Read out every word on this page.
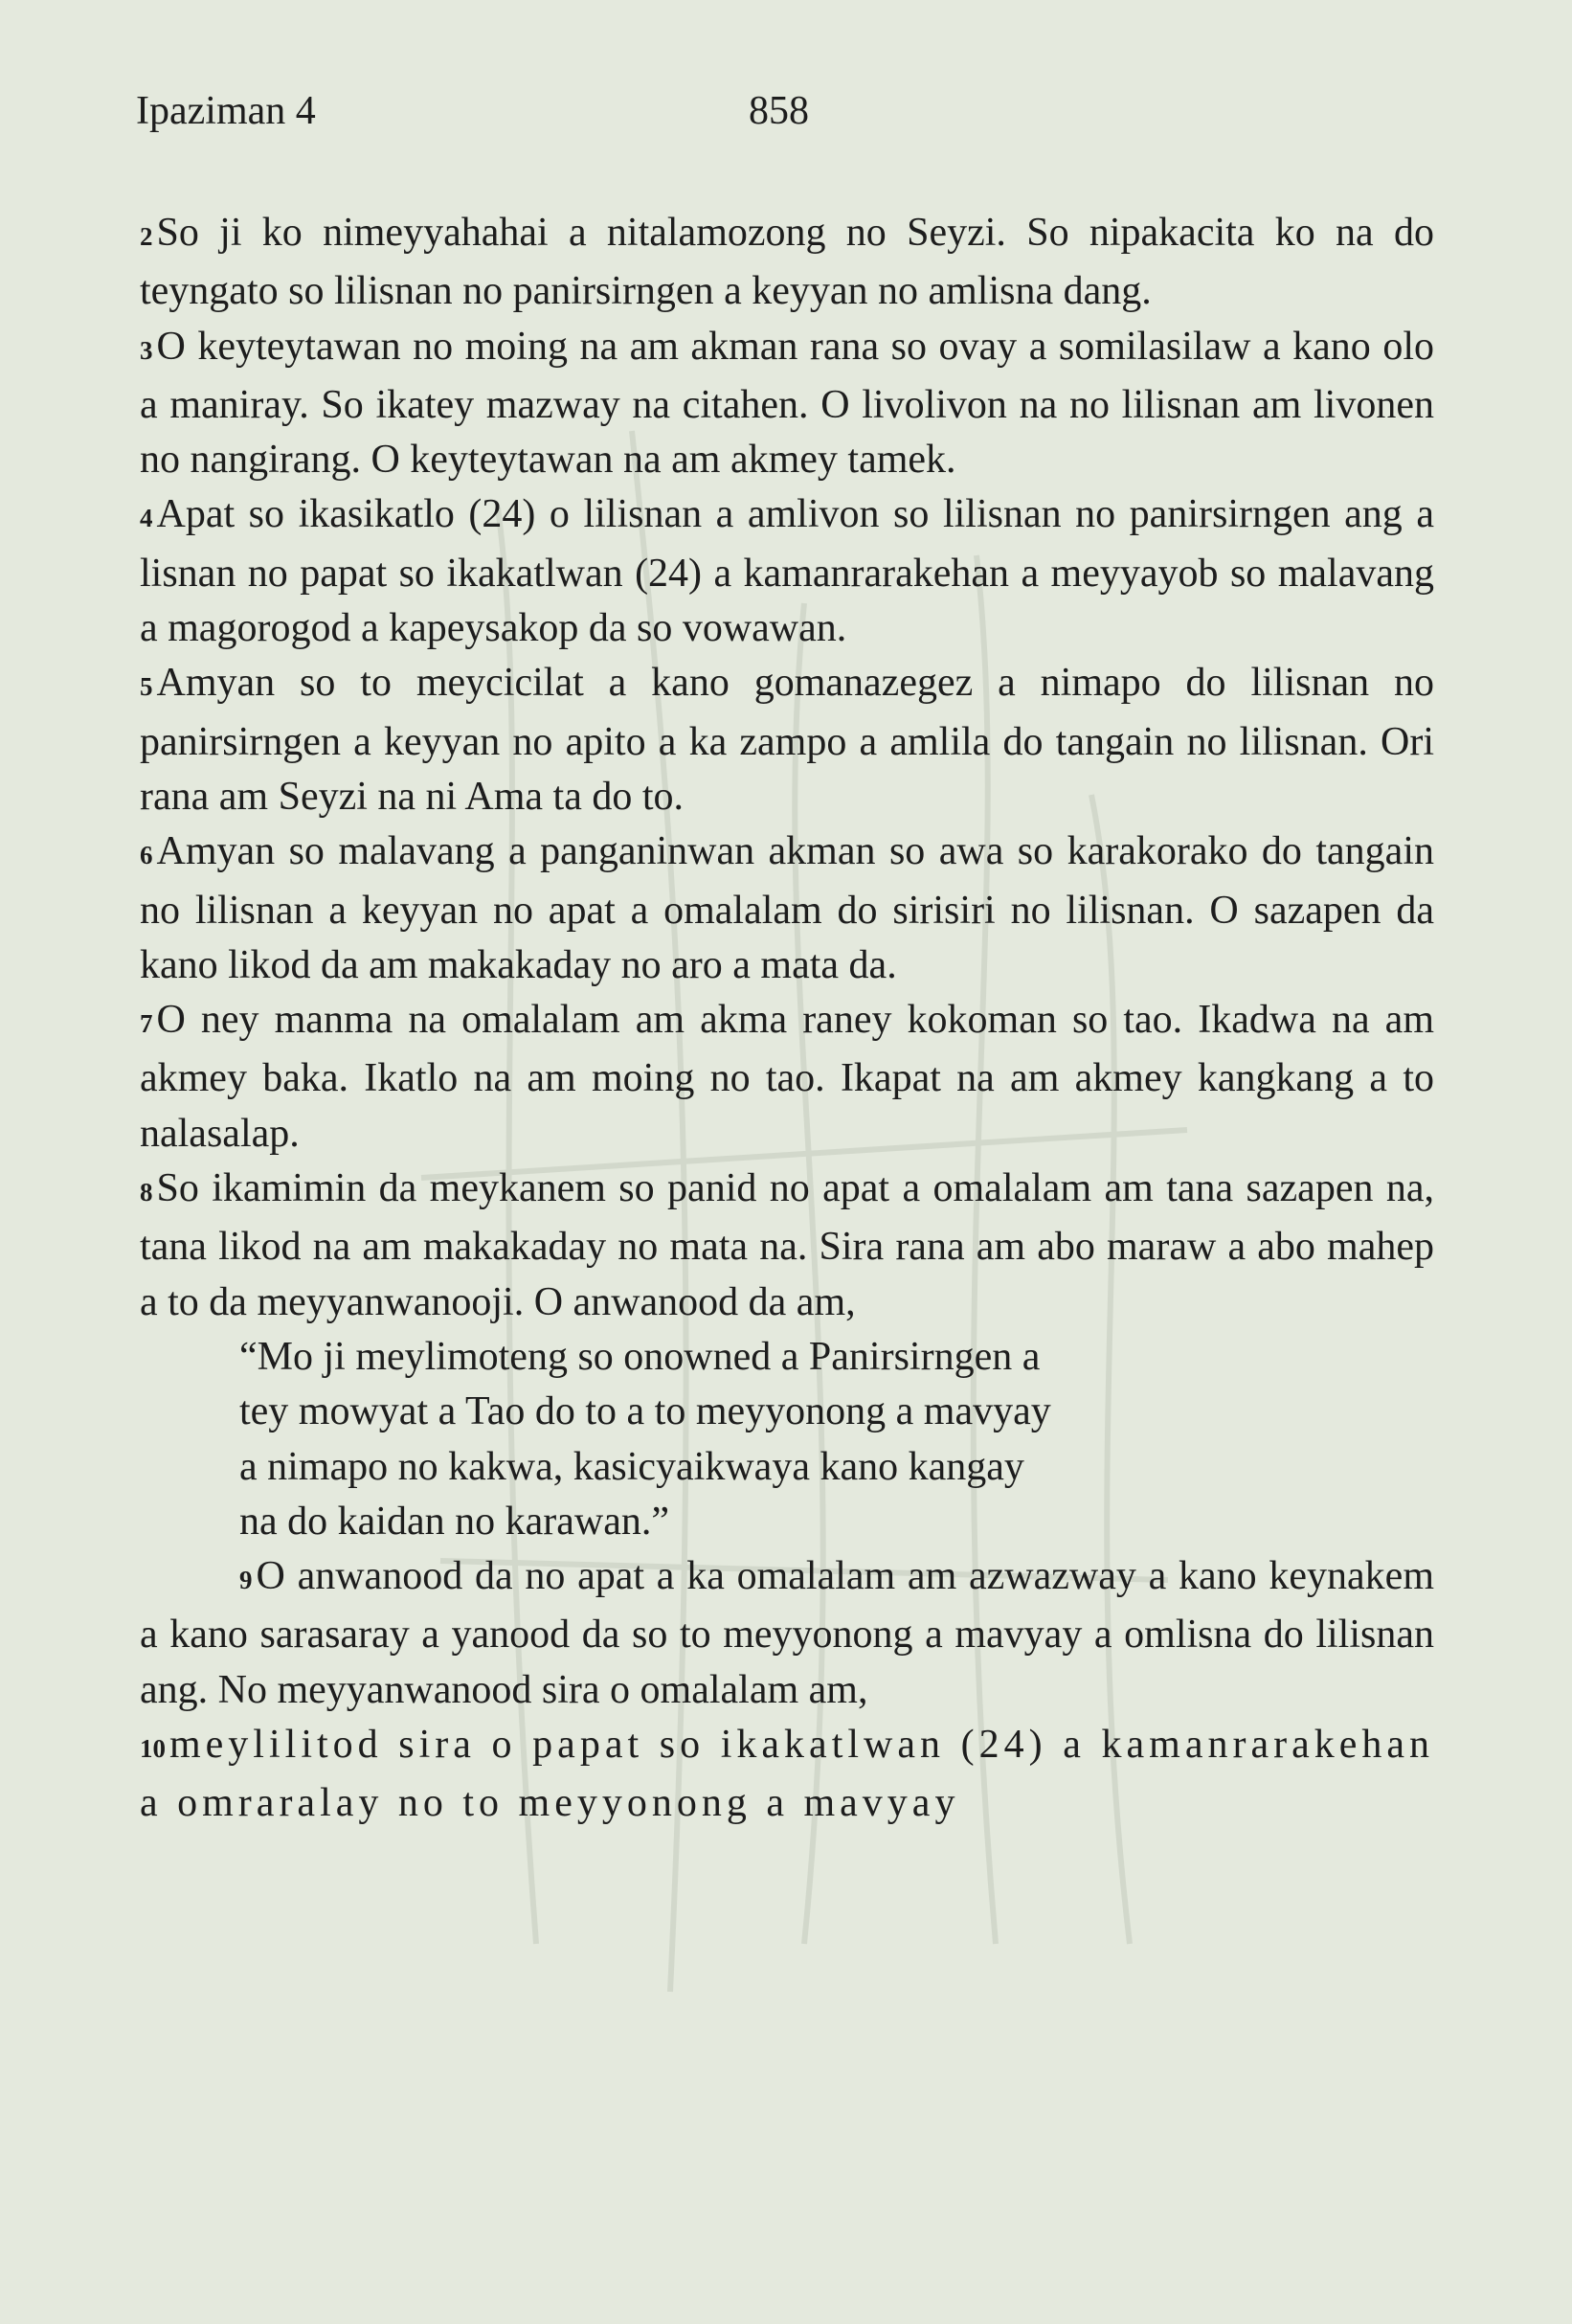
Ipaziman 4	858

2So ji ko nimeyyahahai a nitalamozong no Seyzi. So nipakacita ko na do teyngato so lilisnan no panirsirngen a keyyan no amlisna dang.

3O keyteytawan no moing na am akman rana so ovay a somilasilaw a kano olo a maniray. So ikatey mazway na citahen. O livolivon na no lilisnan am livonen no nangirang. O keyteytawan na am akmey tamek.

4Apat so ikasikatlo (24) o lilisnan a amlivon so lilisnan no panirsirngen ang a lisnan no papat so ikakatlwan (24) a kamanrarakehan a meyyayob so malavang a magorogod a kapeysakop da so vowawan.

5Amyan so to meycicilat a kano gomanazegez a nimapo do lilisnan no panirsirngen a keyyan no apito a ka zampo a amlila do tangain no lilisnan. Ori rana am Seyzi na ni Ama ta do to.

6Amyan so malavang a panganinwan akman so awa so karakorako do tangain no lilisnan a keyyan no apat a omalalam do sirisiri no lilisnan. O sazapen da kano likod da am makakaday no aro a mata da.

7O ney manma na omalalam am akma raney kokoman so tao. Ikadwa na am akmey baka. Ikatlo na am moing no tao. Ikapat na am akmey kangkang a to nalasalap.

8So ikamimin da meykanem so panid no apat a omalalam am tana sazapen na, tana likod na am makakaday no mata na. Sira rana am abo maraw a abo mahep a to da meyyanwanooji. O anwanood da am,

“Mo ji meylimoteng so onowned a Panirsirngen a
tey mowyat a Tao do to a to meyyonong a mavyay
a nimapo no kakwa, kasicyaikwaya kano kangay
na do kaidan no karawan.”

9O anwanood da no apat a ka omalalam am azwazway a kano keynakem a kano sarasaray a yanood da so to meyyonong a mavyay a omlisna do lilisnan ang. No meyyanwanood sira o omalalam am,

10meylilitod sira o papat so ikakatlwan (24) a kamanrarakehan a omraralay no to meyyonong a mavyay
